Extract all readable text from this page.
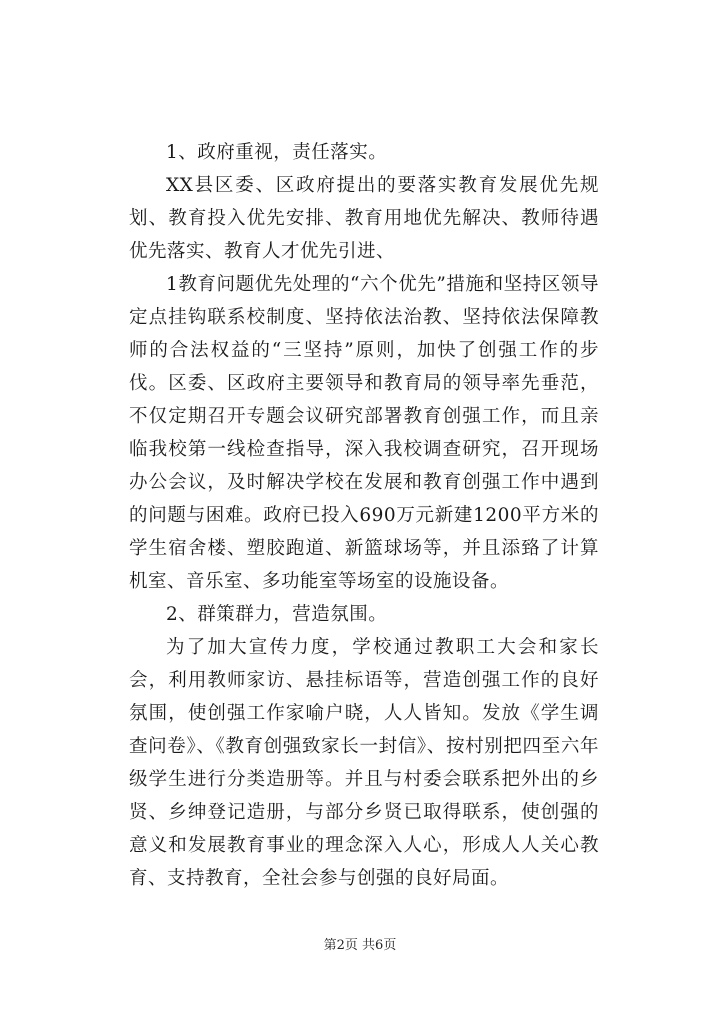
1、政府重视，责任落实。

XX县区委、区政府提出的要落实教育发展优先规划、教育投入优先安排、教育用地优先解决、教师待遇优先落实、教育人才优先引进、

1教育问题优先处理的“六个优先”措施和坚持区领导定点挂钩联系校制度、坚持依法治教、坚持依法保障教师的合法权益的“三坚持”原则，加快了创强工作的步伐。区委、区政府主要领导和教育局的领导率先垂范，不仅定期召开专题会议研究部署教育创强工作，而且亲临我校第一线检查指导，深入我校调查研究，召开现场办公会议，及时解决学校在发展和教育创强工作中遇到的问题与困难。政府已投入690万元新建1200平方米的学生宿舍楼、塑胶跑道、新篮球场等，并且添臵了计算机室、音乐室、多功能室等场室的设施设备。

2、群策群力，营造氛围。

为了加大宣传力度，学校通过教职工大会和家长会，利用教师家访、悬挂标语等，营造创强工作的良好氛围，使创强工作家喻户晓，人人皆知。发放《学生调查问卷》、《教育创强致家长一封信》、按村别把四至六年级学生进行分类造册等。并且与村委会联系把外出的乡贤、乡绅登记造册，与部分乡贤已取得联系，使创强的意义和发展教育事业的理念深入人心，形成人人关心教育、支持教育，全社会参与创强的良好局面。

第2页 共6页
